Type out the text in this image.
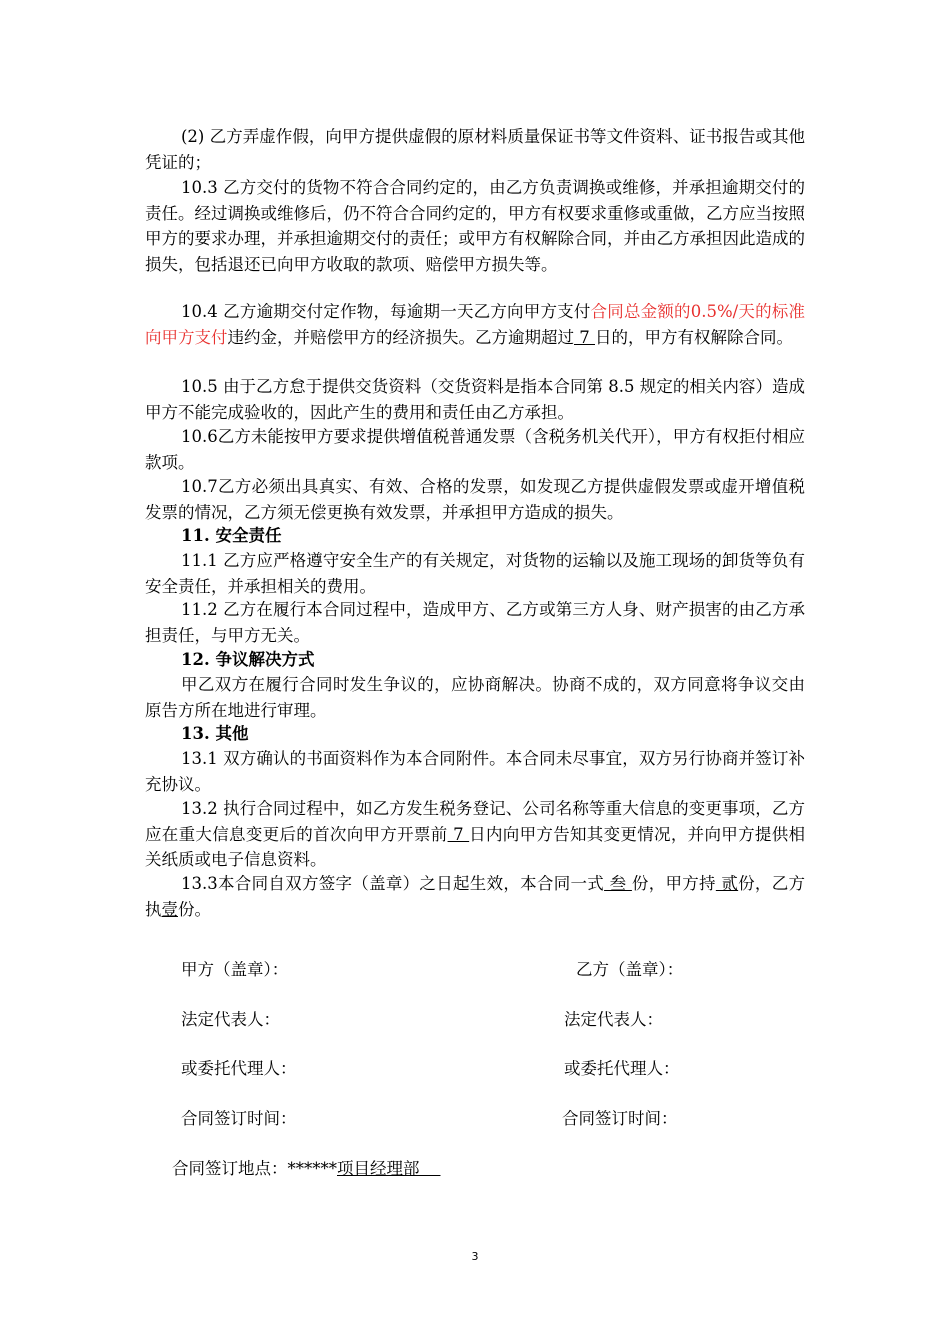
(2) 乙方弄虚作假，向甲方提供虚假的原材料质量保证书等文件资料、证书报告或其他凭证的；

10.3 乙方交付的货物不符合合同约定的，由乙方负责调换或维修，并承担逾期交付的责任。经过调换或维修后，仍不符合合同约定的，甲方有权要求重修或重做，乙方应当按照甲方的要求办理，并承担逾期交付的责任；或甲方有权解除合同，并由乙方承担因此造成的损失，包括退还已向甲方收取的款项、赔偿甲方损失等。

10.4 乙方逾期交付定作物，每逾期一天乙方向甲方支付合同总金额的0.5%/天的标准向甲方支付违约金，并赔偿甲方的经济损失。乙方逾期超过 7 日的，甲方有权解除合同。

10.5 由于乙方怠于提供交货资料（交货资料是指本合同第 8.5 规定的相关内容）造成甲方不能完成验收的，因此产生的费用和责任由乙方承担。

10.6乙方未能按甲方要求提供增值税普通发票（含税务机关代开），甲方有权拒付相应款项。

10.7乙方必须出具真实、有效、合格的发票，如发现乙方提供虚假发票或虚开增值税发票的情况，乙方须无偿更换有效发票，并承担甲方造成的损失。

11. 安全责任

11.1 乙方应严格遵守安全生产的有关规定，对货物的运输以及施工现场的卸货等负有安全责任，并承担相关的费用。

11.2 乙方在履行本合同过程中，造成甲方、乙方或第三方人身、财产损害的由乙方承担责任，与甲方无关。

12. 争议解决方式

甲乙双方在履行合同时发生争议的，应协商解决。协商不成的，双方同意将争议交由原告方所在地进行审理。

13. 其他

13.1 双方确认的书面资料作为本合同附件。本合同未尽事宜，双方另行协商并签订补充协议。

13.2 执行合同过程中，如乙方发生税务登记、公司名称等重大信息的变更事项，乙方应在重大信息变更后的首次向甲方开票前 7 日内向甲方告知其变更情况，并向甲方提供相关纸质或电子信息资料。

13.3本合同自双方签字（盖章）之日起生效，本合同一式 叁 份，甲方持 贰份，乙方执壹份。

甲方（盖章）：	乙方（盖章）：

法定代表人：	法定代表人：

或委托代理人：	或委托代理人：

合同签订时间：	合同签订时间：

合同签订地点：******项目经理部

3
